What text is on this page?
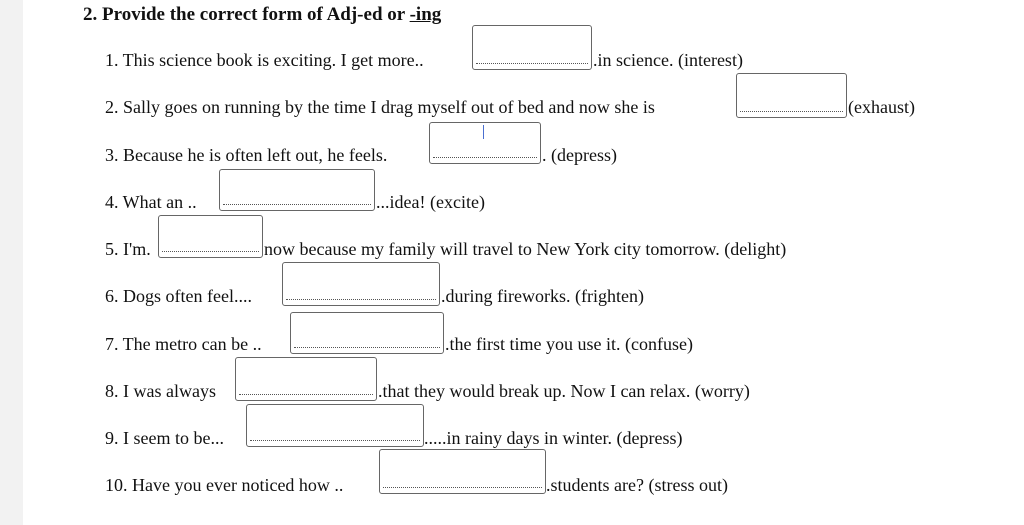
2. Provide the correct form of Adj-ed or -ing
1. This science book is exciting. I get more..	.in science. (interest)
2. Sally goes on running by the time I drag myself out of bed and now she is	(exhaust)
3. Because he is often left out, he feels.	. (depress)
4. What an ..	...idea! (excite)
5. I'm.	now because my family will travel to New York city tomorrow. (delight)
6. Dogs often feel....	.during fireworks. (frighten)
7. The metro can be ..	.the first time you use it. (confuse)
8. I was always	.that they would break up. Now I can relax. (worry)
9. I seem to be...	.....in rainy days in winter. (depress)
10. Have you ever noticed how ..	.students are? (stress out)
